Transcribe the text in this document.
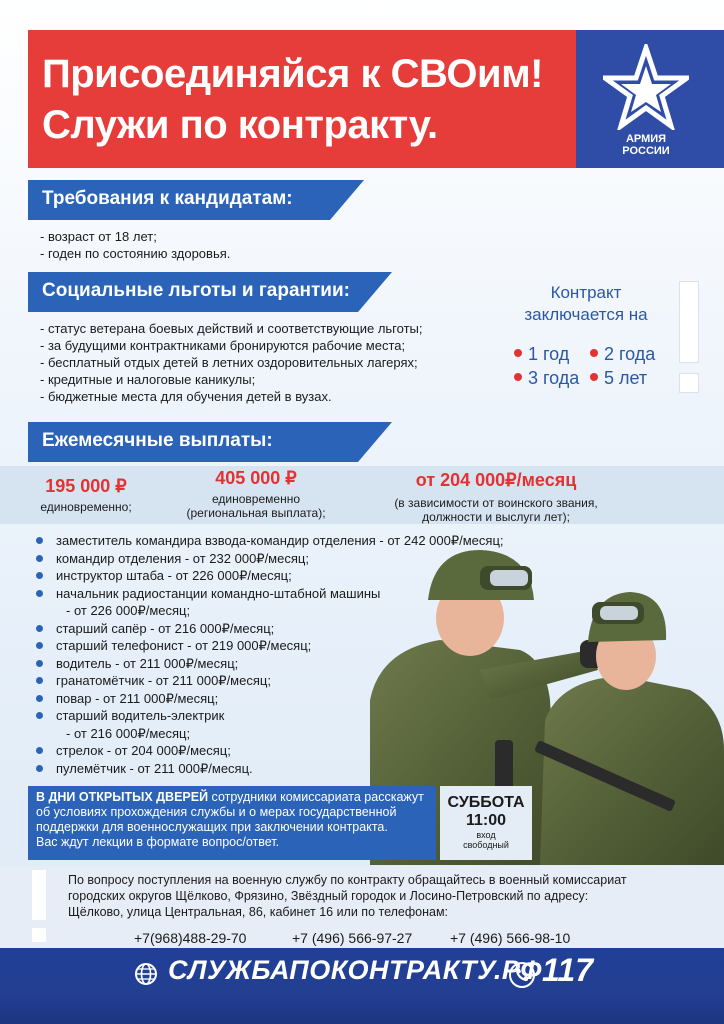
Присоединяйся к СВОим!
Служи по контракту.	АРМИЯ
РОССИИ
Требования к кандидатам:
- возраст от 18 лет;
- годен по состоянию здоровья.
Социальные льготы и гарантии:
- статус ветерана боевых действий и соответствующие льготы;
- за будущими контрактниками бронируются рабочие места;
- бесплатный отдых детей в летних оздоровительных лагерях;
- кредитные и налоговые каникулы;
- бюджетные места для обучения детей в вузах.
Контракт
заключается на
1 год	2 года
3 года	5 лет
Ежемесячные выплаты:
195 000 ₽
единовременно;
405 000 ₽
единовременно
(региональная выплата);
от 204 000₽/месяц
(в зависимости от воинского звания,
должности и выслуги лет);
заместитель командира взвода-командир отделения - от 242 000₽/месяц;
командир отделения - от 232 000₽/месяц;
инструктор штаба - от 226 000₽/месяц;
начальник радиостанции командно-штабной машины
- от 226 000₽/месяц;
старший сапёр - от 216 000₽/месяц;
старший телефонист - от 219 000₽/месяц;
водитель - от 211 000₽/месяц;
гранатомётчик - от 211 000₽/месяц;
повар - от 211 000₽/месяц;
старший водитель-электрик
- от 216 000₽/месяц;
стрелок - от 204 000₽/месяц;
пулемётчик - от 211 000₽/месяц.
В ДНИ ОТКРЫТЫХ ДВЕРЕЙ сотрудники комиссариата расскажут
об условиях прохождения службы и о мерах государственной
поддержки для военнослужащих при заключении контракта.
Вас ждут лекции в формате вопрос/ответ.
СУББОТА
11:00
вход
свободный
По вопросу поступления на военную службу по контракту обращайтесь в военный комиссариат
городских округов Щёлково, Фрязино, Звёздный городок и Лосино-Петровский по адресу:
Щёлково, улица Центральная, 86, кабинет 16 или по телефонам:
+7(968)488-29-70	+7 (496) 566-97-27	+7 (496) 566-98-10
СЛУЖБАПОКОНТРАКТУ.РФ 117
